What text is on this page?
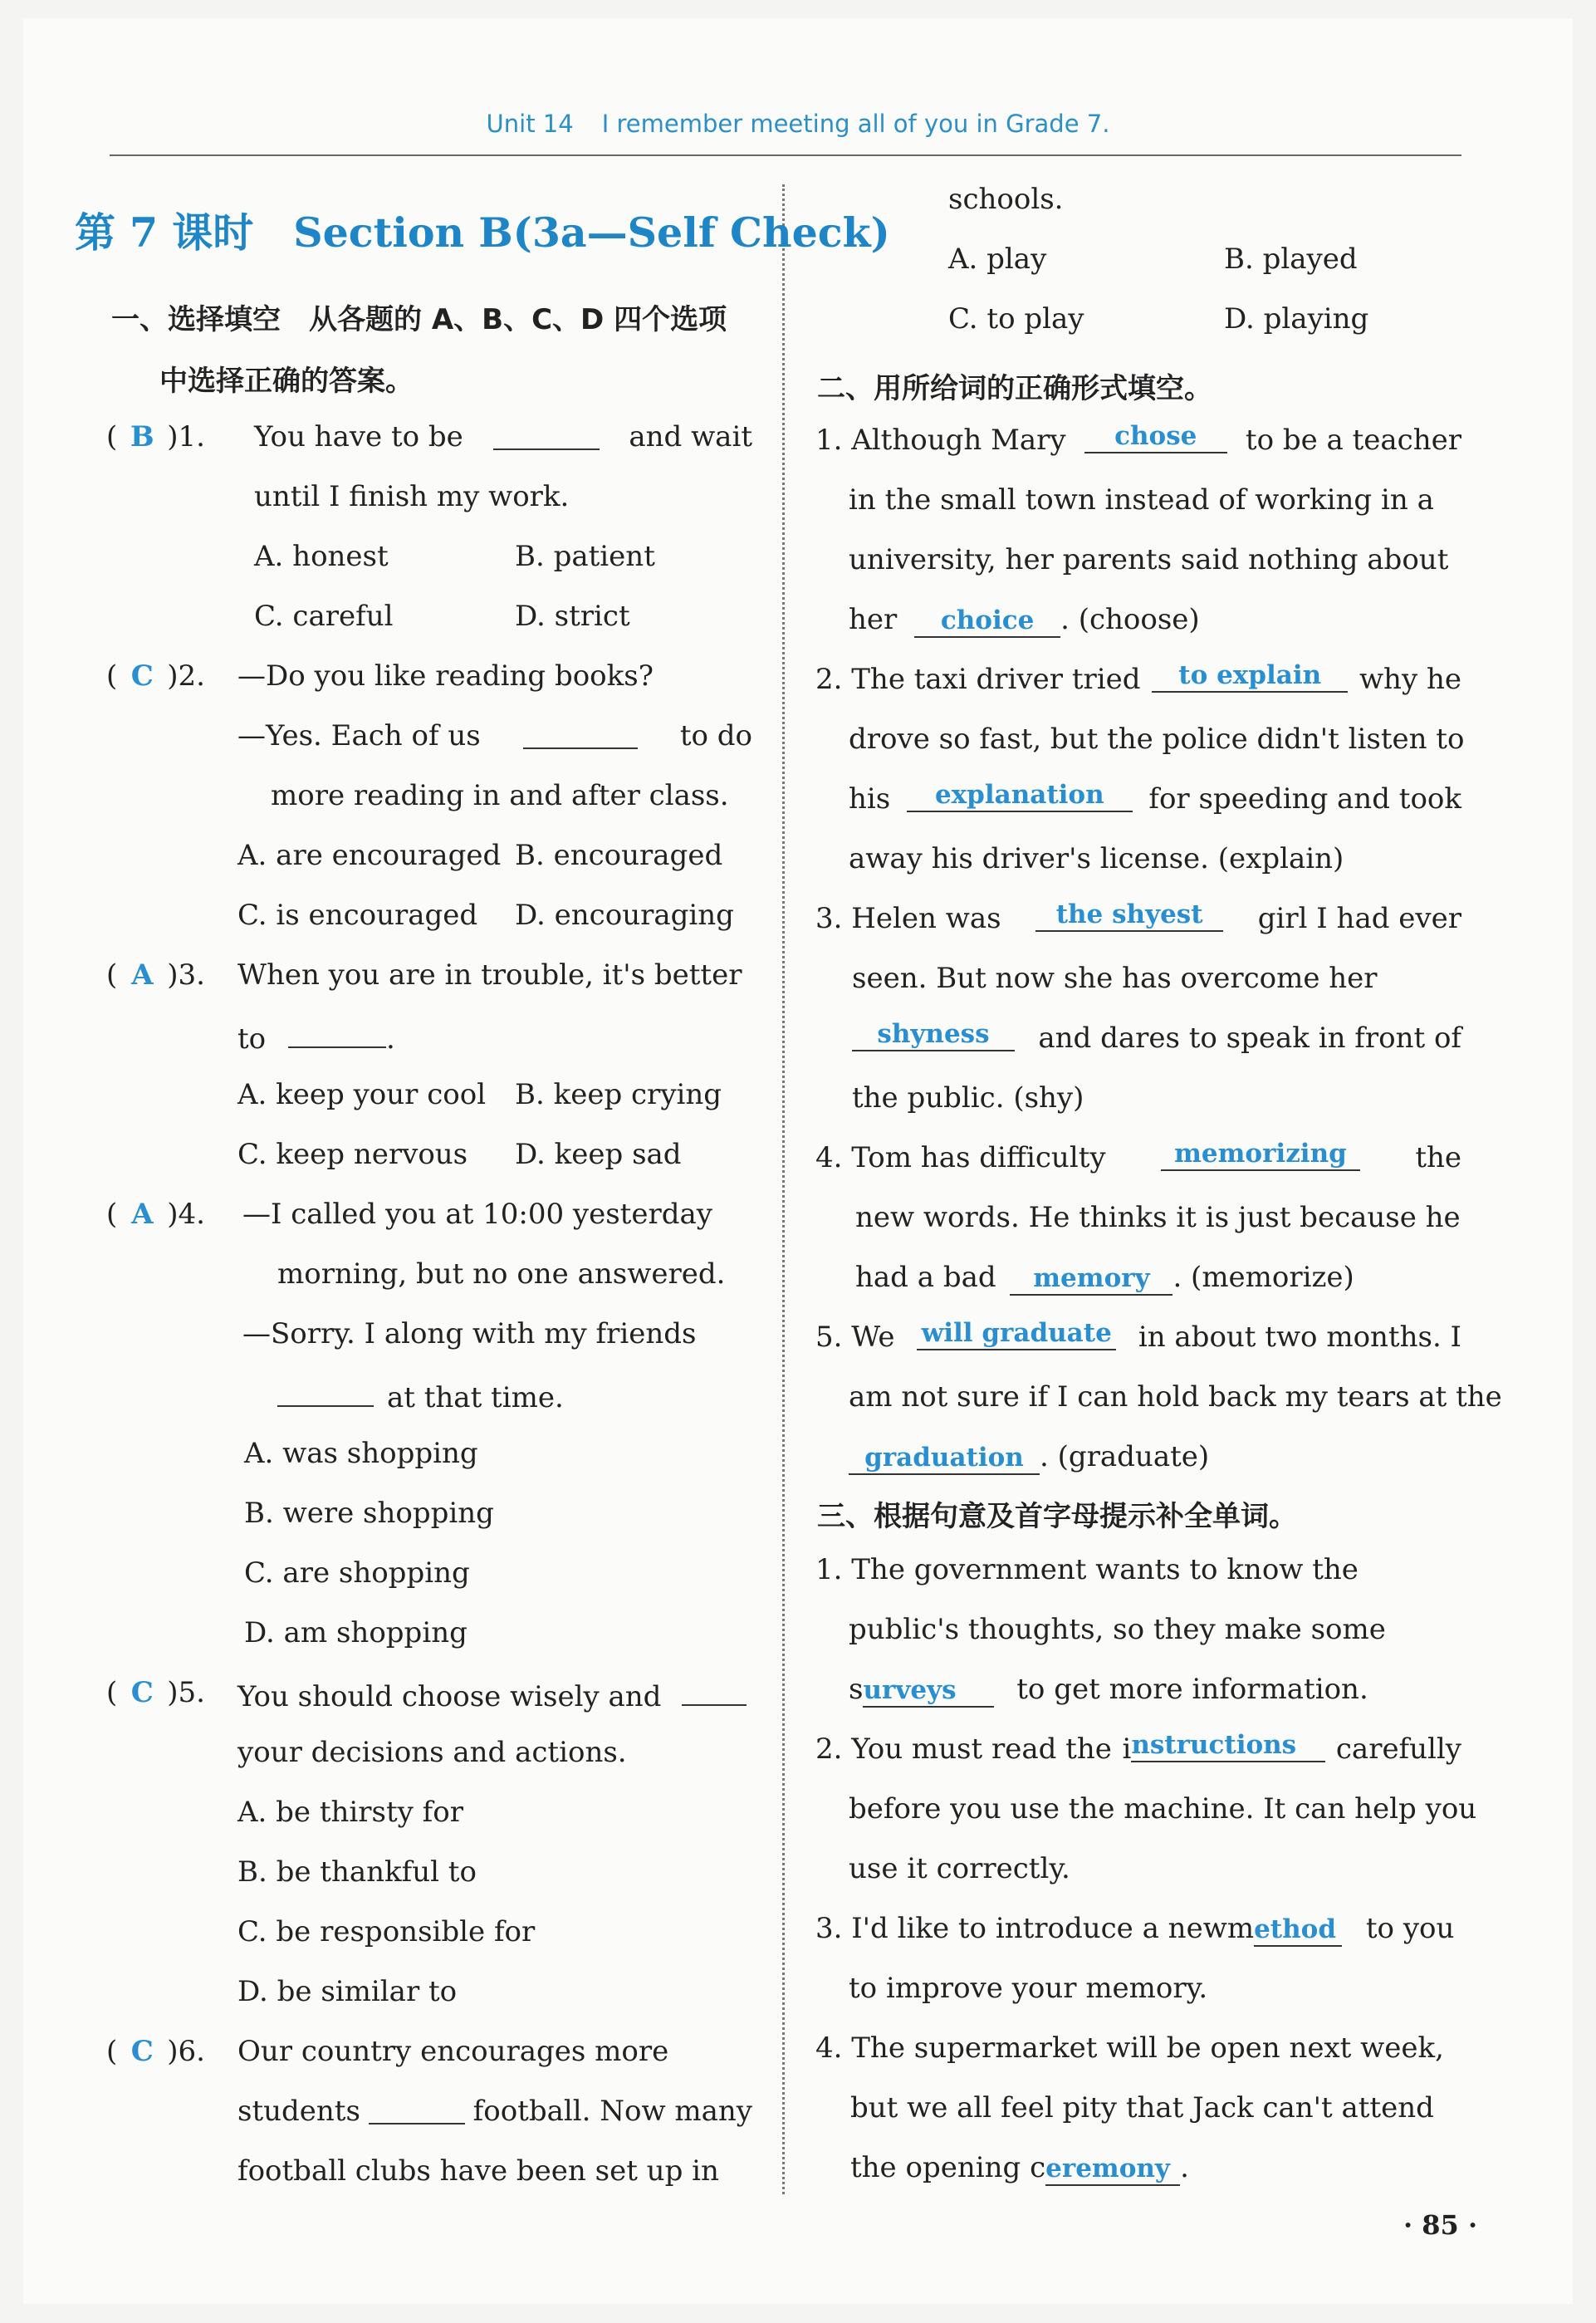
Unit 14 I remember meeting all of you in Grade 7.
第 7 课时 Section B(3a—Self Check)
一、选择填空　从各题的 A、B、C、D 四个选项
中选择正确的答案。
( B )1. You have to be	and wait
until I finish my work.
A. honest	B. patient
C. careful	D. strict
( C )2. —Do you like reading books?
—Yes. Each of us	to do
more reading in and after class.
A. are encouraged B. encouraged
C. is encouraged D. encouraging
( A )3. When you are in trouble, it's better
to	.
A. keep your cool B. keep crying
C. keep nervous D. keep sad
( A )4. —I called you at 10:00 yesterday
morning, but no one answered.
—Sorry. I along with my friends
at that time.
A. was shopping
B. were shopping
C. are shopping
D. am shopping
( C )5. You should choose wisely and
your decisions and actions.
A. be thirsty for
B. be thankful to
C. be responsible for
D. be similar to
( C )6. Our country encourages more
students	football. Now many
football clubs have been set up in
schools.
A. play	B. played
C. to play	D. playing
二、用所给词的正确形式填空。
1. Although Mary	chose	to be a teacher
in the small town instead of working in a
university, her parents said nothing about
her choice . (choose)
2. The taxi driver tried	to explain	why he
drove so fast, but the police didn't listen to
his	explanation	for speeding and took
away his driver's license. (explain)
3. Helen was	the shyest	girl I had ever
seen. But now she has overcome her
shyness	and dares to speak in front of
the public. (shy)
4. Tom has difficulty	memorizing	the
new words. He thinks it is just because he
had a bad memory . (memorize)
5. We will graduate in about two months. I
am not sure if I can hold back my tears at the
graduation . (graduate)
三、根据句意及首字母提示补全单词。
1. The government wants to know the
public's thoughts, so they make some
surveys to get more information.
2. You must read the i nstructions	carefully
before you use the machine. It can help you
use it correctly.
3. I'd like to introduce a newmethod to you
to improve your memory.
4. The supermarket will be open next week,
but we all feel pity that Jack can't attend
the opening ceremony .
· 85 ·
